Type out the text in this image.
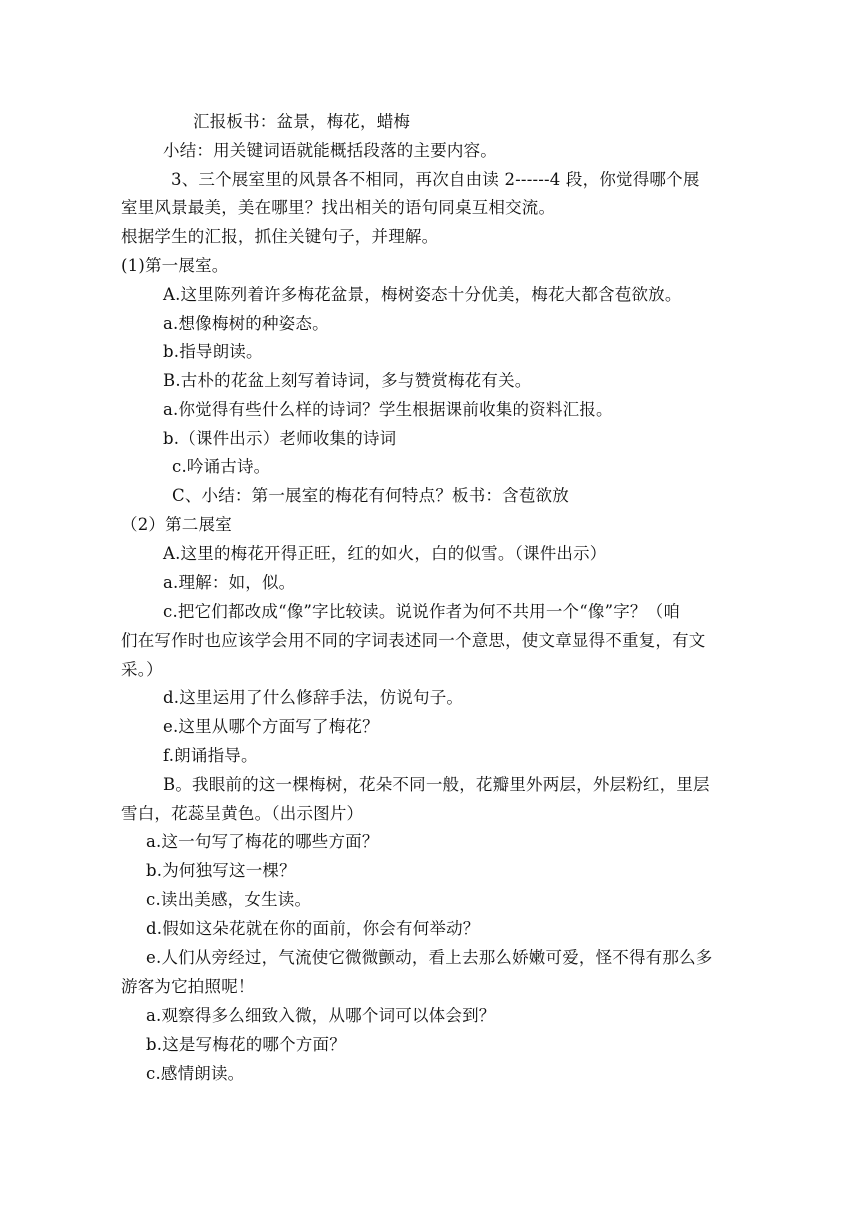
汇报板书：盆景，梅花，蜡梅
小结：用关键词语就能概括段落的主要内容。
3、三个展室里的风景各不相同，再次自由读 2------4 段，你觉得哪个展
室里风景最美，美在哪里？找出相关的语句同桌互相交流。
根据学生的汇报，抓住关键句子，并理解。
(1)第一展室。
A.这里陈列着许多梅花盆景，梅树姿态十分优美，梅花大都含苞欲放。
a.想像梅树的种姿态。
b.指导朗读。
B.古朴的花盆上刻写着诗词，多与赞赏梅花有关。
a.你觉得有些什么样的诗词？学生根据课前收集的资料汇报。
b.（课件出示）老师收集的诗词
c.吟诵古诗。
C、小结：第一展室的梅花有何特点？板书：含苞欲放
（2）第二展室
A.这里的梅花开得正旺，红的如火，白的似雪。（课件出示）
a.理解：如，似。
c.把它们都改成“像”字比较读。说说作者为何不共用一个“像”字？（咱
们在写作时也应该学会用不同的字词表述同一个意思，使文章显得不重复，有文
采。）
d.这里运用了什么修辞手法，仿说句子。
e.这里从哪个方面写了梅花？
f.朗诵指导。
B。我眼前的这一棵梅树，花朵不同一般，花瓣里外两层，外层粉红，里层
雪白，花蕊呈黄色。（出示图片）
a.这一句写了梅花的哪些方面？
b.为何独写这一棵？
c.读出美感，女生读。
d.假如这朵花就在你的面前，你会有何举动？
e.人们从旁经过，气流使它微微颤动，看上去那么娇嫩可爱，怪不得有那么多
游客为它拍照呢！
a.观察得多么细致入微，从哪个词可以体会到？
b.这是写梅花的哪个方面？
c.感情朗读。
